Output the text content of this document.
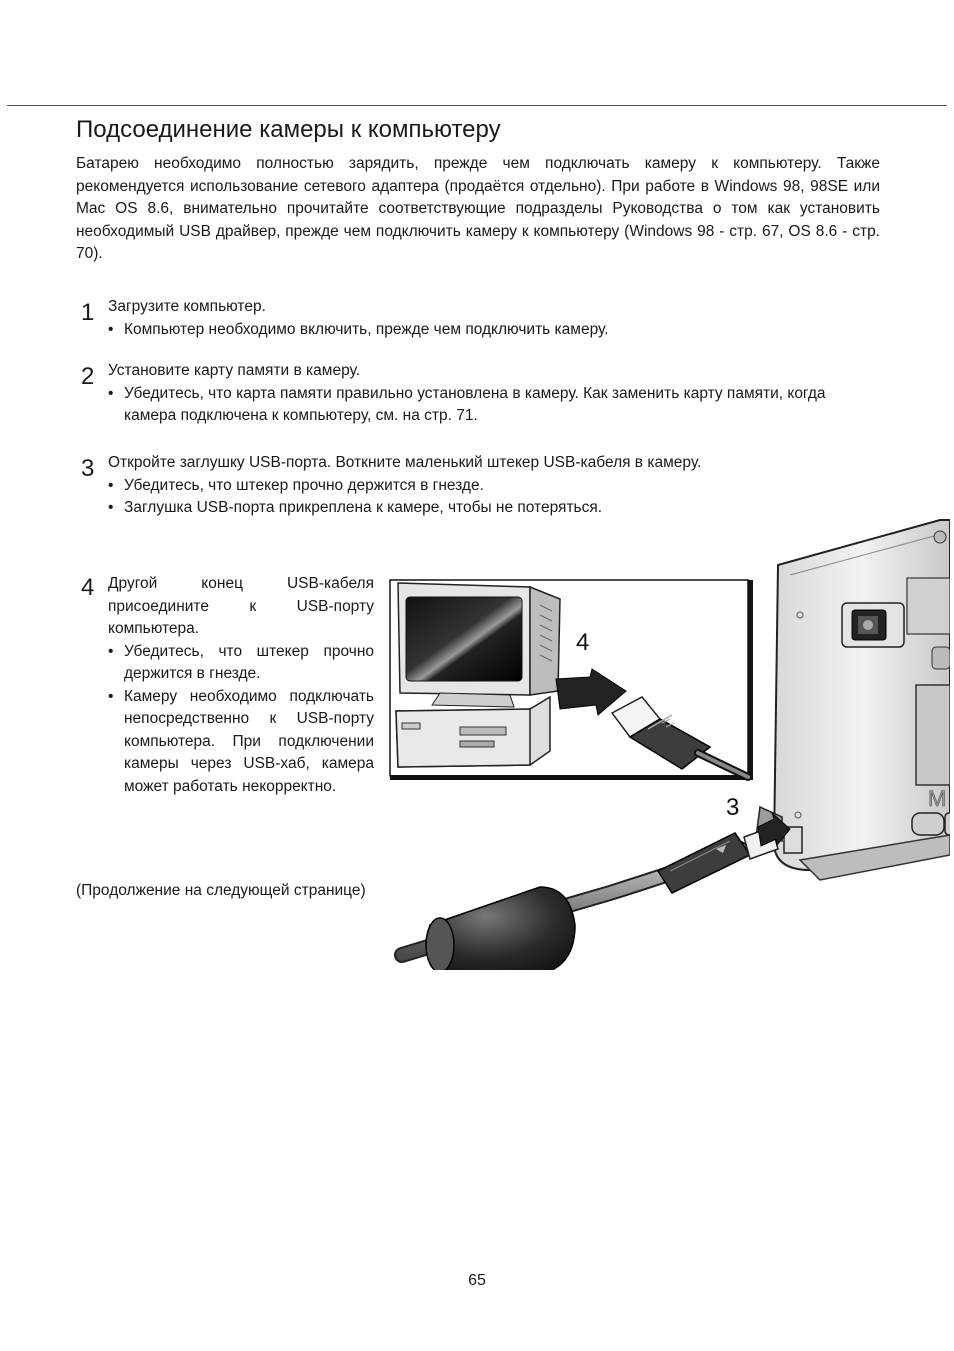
Подсоединение камеры к компьютеру

Батарею необходимо полностью зарядить, прежде чем подключать камеру к компьютеру. Также рекомендуется использование сетевого адаптера (продаётся отдельно). При работе в Windows 98, 98SE или Mac OS 8.6, внимательно прочитайте соответствующие подразделы Руководства о том как установить необходимый USB драйвер, прежде чем подключить камеру к компьютеру (Windows 98 - стр. 67, OS 8.6 - стр. 70).

1 Загрузите компьютер.
• Компьютер необходимо включить, прежде чем подключить камеру.
2 Установите карту памяти в камеру.
• Убедитесь, что карта памяти правильно установлена в камеру. Как заменить карту памяти, когда камера подключена к компьютеру, см. на стр. 71.
3 Откройте заглушку USB-порта. Воткните маленький штекер USB-кабеля в камеру.
• Убедитесь, что штекер прочно держится в гнезде.
• Заглушка USB-порта прикреплена к камере, чтобы не потеряться.
4 Другой конец USB-кабеля присоедините к USB-порту компьютера.
• Убедитесь, что штекер прочно держится в гнезде.
• Камеру необходимо подключать непосредственно к USB-порту компьютера. При подключении камеры через USB-хаб, камера может работать некорректно.
(Продолжение на следующей странице)
M
3
4
65
